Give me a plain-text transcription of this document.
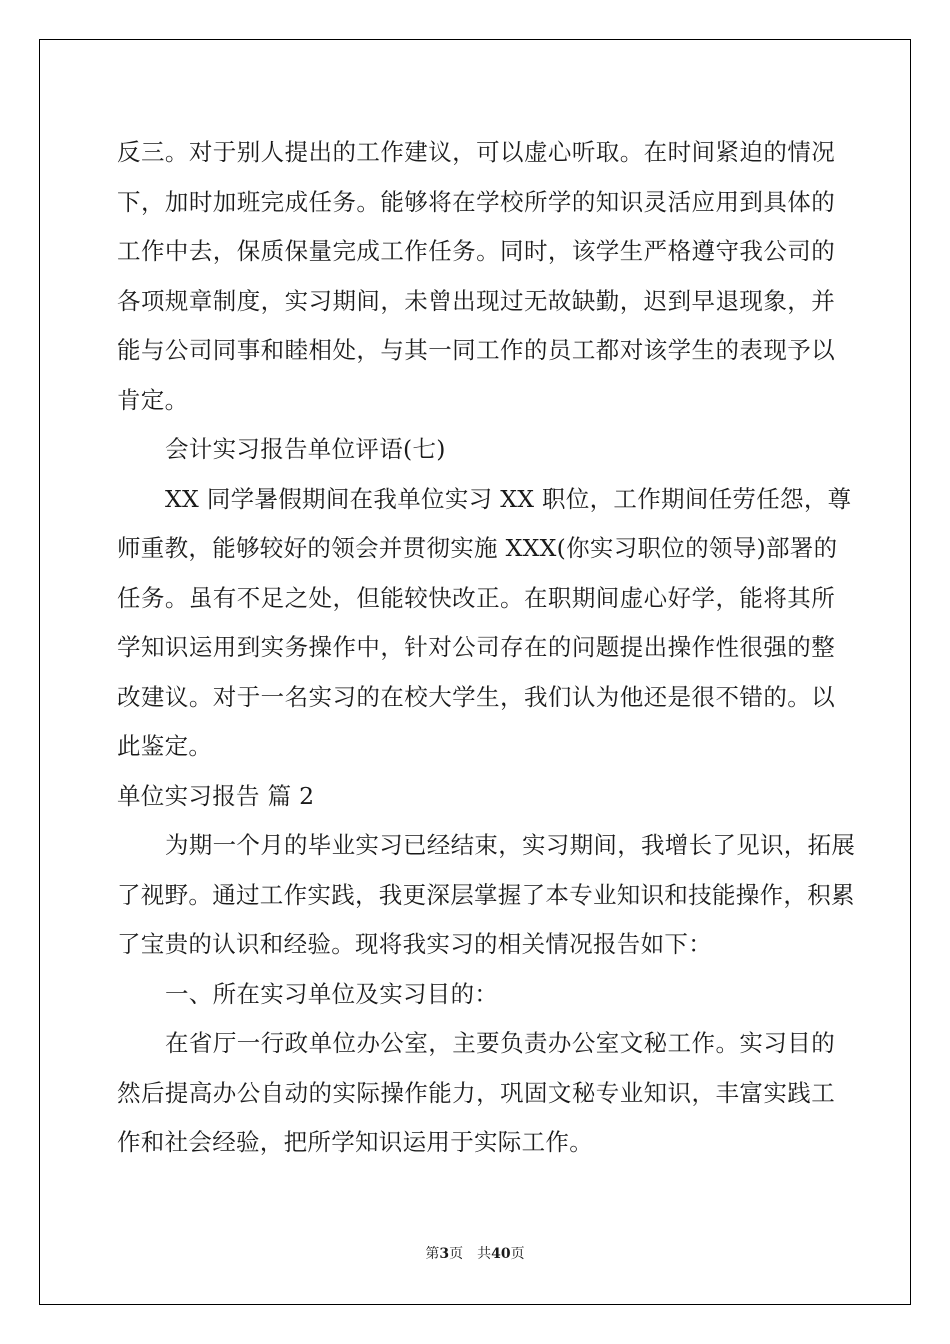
反三。对于别人提出的工作建议，可以虚心听取。在时间紧迫的情况
下，加时加班完成任务。能够将在学校所学的知识灵活应用到具体的
工作中去，保质保量完成工作任务。同时，该学生严格遵守我公司的
各项规章制度，实习期间，未曾出现过无故缺勤，迟到早退现象，并
能与公司同事和睦相处，与其一同工作的员工都对该学生的表现予以
肯定。
会计实习报告单位评语(七)
XX 同学暑假期间在我单位实习 XX 职位，工作期间任劳任怨，尊
师重教，能够较好的领会并贯彻实施 XXX(你实习职位的领导)部署的
任务。虽有不足之处，但能较快改正。在职期间虚心好学，能将其所
学知识运用到实务操作中，针对公司存在的问题提出操作性很强的整
改建议。对于一名实习的在校大学生，我们认为他还是很不错的。以
此鉴定。
单位实习报告 篇 2
为期一个月的毕业实习已经结束，实习期间，我增长了见识，拓展
了视野。通过工作实践，我更深层掌握了本专业知识和技能操作，积累
了宝贵的认识和经验。现将我实习的相关情况报告如下：
一、所在实习单位及实习目的：
在省厅一行政单位办公室，主要负责办公室文秘工作。实习目的
然后提高办公自动的实际操作能力，巩固文秘专业知识，丰富实践工
作和社会经验，把所学知识运用于实际工作。
第3页 共40页
